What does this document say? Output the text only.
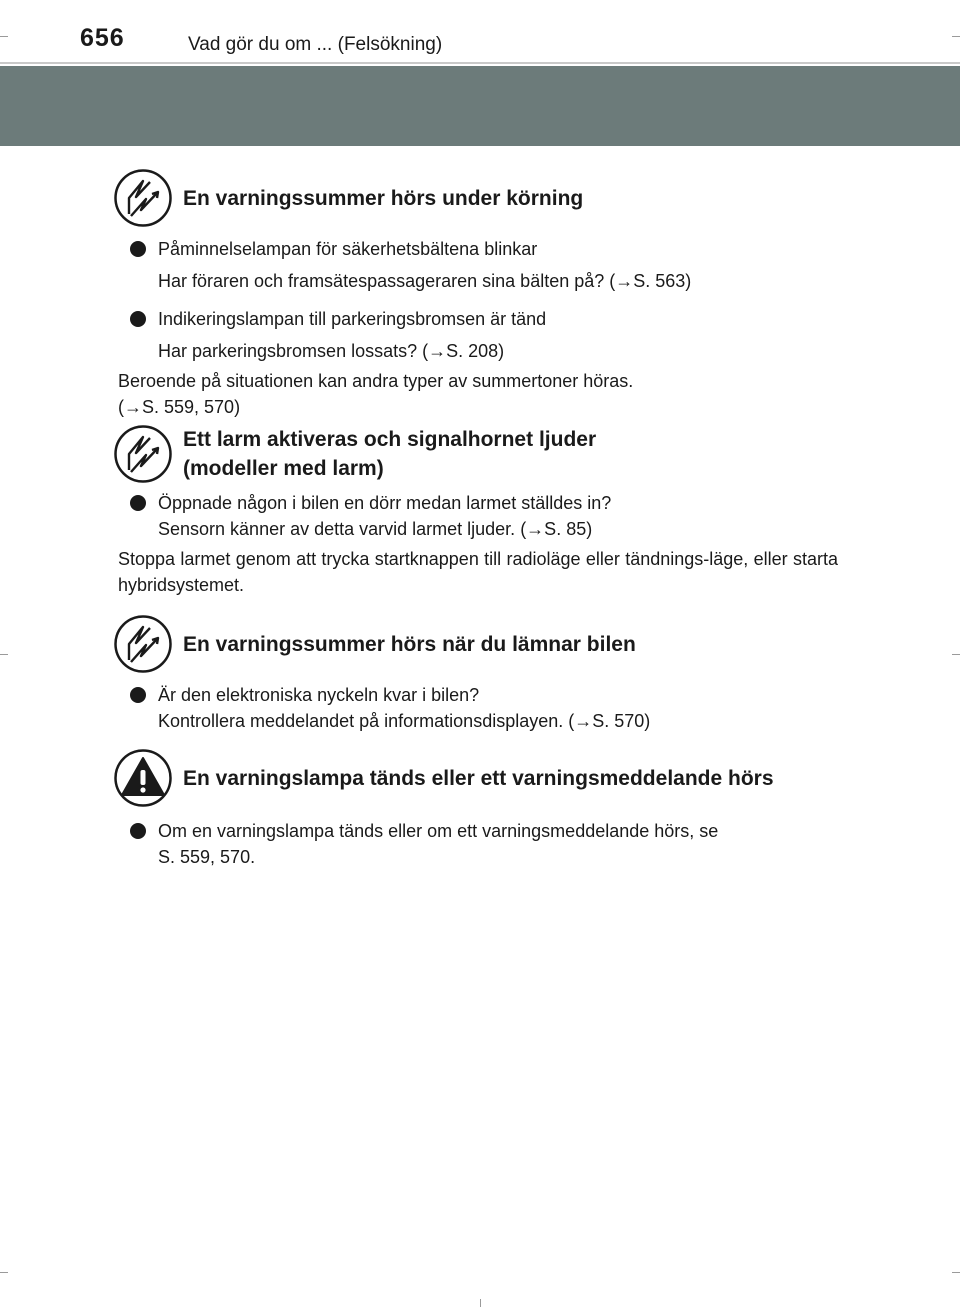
656	Vad gör du om ... (Felsökning)
En varningssummer hörs under körning
Påminnelselampan för säkerhetsbältena blinkar
Har föraren och framsätespassageraren sina bälten på? (→S. 563)
Indikeringslampan till parkeringsbromsen är tänd
Har parkeringsbromsen lossats? (→S. 208)
Beroende på situationen kan andra typer av summertoner höras.
(→S. 559, 570)
Ett larm aktiveras och signalhornet ljuder
(modeller med larm)
Öppnade någon i bilen en dörr medan larmet ställdes in?
Sensorn känner av detta varvid larmet ljuder. (→S. 85)

Stoppa larmet genom att trycka startknappen till radioläge eller tändnings-läge, eller starta hybridsystemet.

En varningssummer hörs när du lämnar bilen
Är den elektroniska nyckeln kvar i bilen?
Kontrollera meddelandet på informationsdisplayen. (→S. 570)
En varningslampa tänds eller ett varningsmeddelande hörs
Om en varningslampa tänds eller om ett varningsmeddelande hörs, se
S. 559, 570.
